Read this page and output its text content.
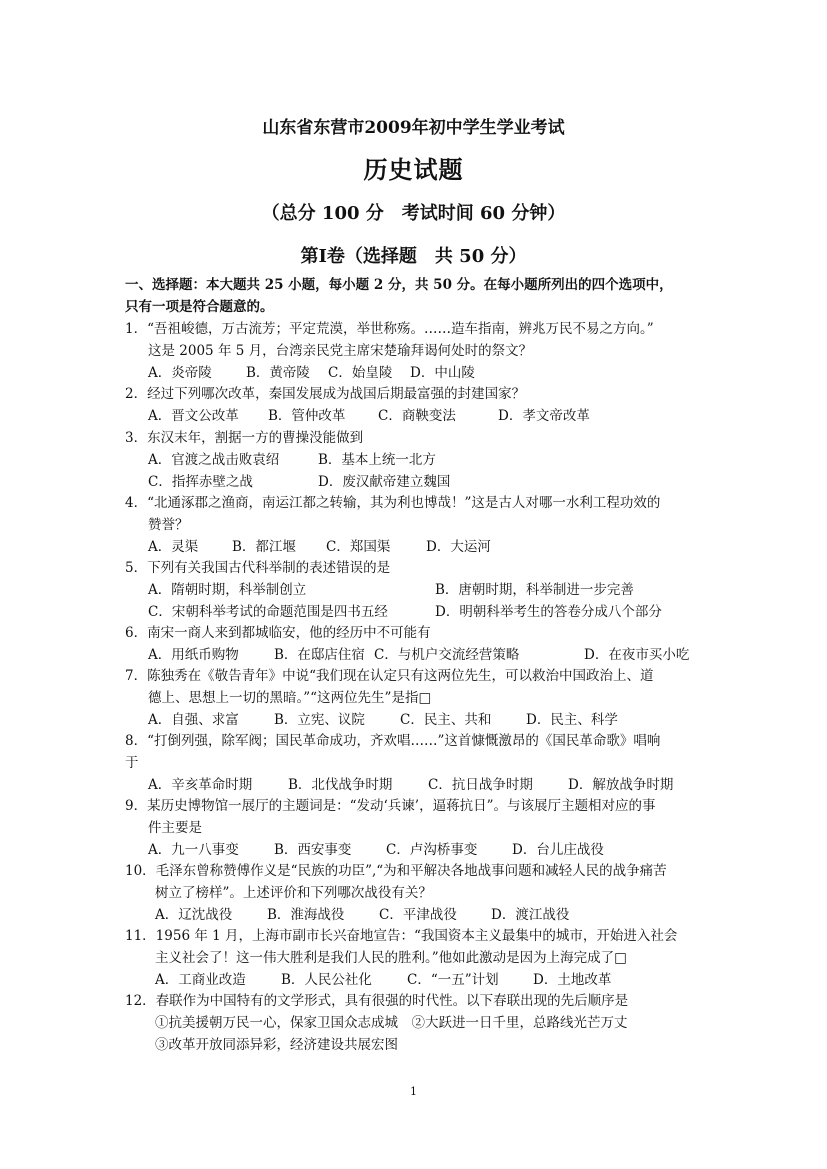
山东省东营市2009年初中学生学业考试
历史试题
（总分 100 分　考试时间 60 分钟）
第Ⅰ卷（选择题　共 50 分）
一、选择题：本大题共 25 小题，每小题 2 分，共 50 分。在每小题所列出的四个选项中，
只有一项是符合题意的。
1．“吾祖峻德，万古流芳；平定荒漠，举世称殇。……造车指南，辨兆万民不易之方向。”
这是 2005 年 5 月，台湾亲民党主席宋楚瑜拜谒何处时的祭文？
A．炎帝陵	B．黄帝陵 C．始皇陵 D．中山陵
2．经过下列哪次改革，秦国发展成为战国后期最富强的封建国家？
A．晋文公改革 B．管仲改革 C．商鞅变法	D．孝文帝改革
3．东汉末年，割据一方的曹操没能做到
A．官渡之战击败袁绍	B．基本上统一北方
C．指挥赤壁之战	D．废汉献帝建立魏国
4．“北通涿郡之渔商，南运江都之转输，其为利也博哉！”这是古人对哪一水利工程功效的
赞誉？
A．灵渠	B．都江堰 C．郑国渠	D．大运河
5．下列有关我国古代科举制的表述错误的是
A．隋朝时期，科举制创立	B．唐朝时期，科举制进一步完善
C．宋朝科举考试的命题范围是四书五经	D．明朝科举考生的答卷分成八个部分
6．南宋一商人来到都城临安，他的经历中不可能有
A．用纸币购物	B．在邸店住宿 C．与机户交流经营策略	D．在夜市买小吃
7．陈独秀在《敬告青年》中说“我们现在认定只有这两位先生，可以救治中国政治上、道
德上、思想上一切的黑暗。”“这两位先生”是指□
A．自强、求富	B．立宪、议院	C．民主、共和	D．民主、科学
8．“打倒列强，除军阀；国民革命成功，齐欢唱……”这首慷慨激昂的《国民革命歌》唱响
于
A．辛亥革命时期	B．北伐战争时期	C．抗日战争时期	D．解放战争时期
9．某历史博物馆一展厅的主题词是：“发动‘兵谏’，逼蒋抗日”。与该展厅主题相对应的事
件主要是
A．九一八事变	B．西安事变	C．卢沟桥事变	D．台儿庄战役
10．毛泽东曾称赞傅作义是“民族的功臣”,“为和平解决各地战事问题和减轻人民的战争痛苦
树立了榜样”。上述评价和下列哪次战役有关？
A．辽沈战役	B．淮海战役	C．平津战役	D．渡江战役
11．1956 年 1 月，上海市副市长兴奋地宣告：“我国资本主义最集中的城市，开始进入社会
主义社会了！这一伟大胜利是我们人民的胜利。”他如此激动是因为上海完成了□
A．工商业改造	B．人民公社化	C．“一五”计划	D．土地改革
12．春联作为中国特有的文学形式，具有很强的时代性。以下春联出现的先后顺序是
①抗美援朝万民一心，保家卫国众志成城　②大跃进一日千里，总路线光芒万丈
③改革开放同添异彩，经济建设共展宏图
1
